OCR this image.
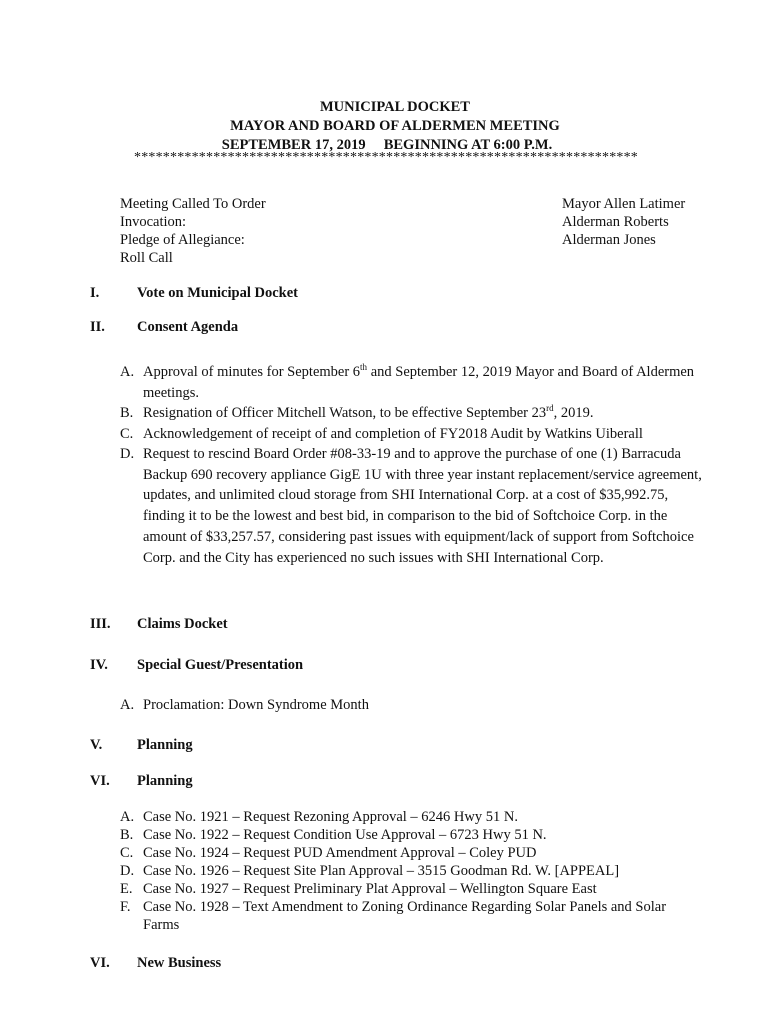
MUNICIPAL DOCKET
MAYOR AND BOARD OF ALDERMEN MEETING
SEPTEMBER 17, 2019 BEGINNING AT 6:00 P.M.
**********************************************************************
Meeting Called To Order	Mayor Allen Latimer
Invocation:	Alderman Roberts
Pledge of Allegiance:	Alderman Jones
Roll Call
I.	Vote on Municipal Docket
II. Consent Agenda
A. Approval of minutes for September 6th and September 12, 2019 Mayor and Board of Aldermen meetings.
B. Resignation of Officer Mitchell Watson, to be effective September 23rd, 2019.
C. Acknowledgement of receipt of and completion of FY2018 Audit by Watkins Uiberall
D. Request to rescind Board Order #08-33-19 and to approve the purchase of one (1) Barracuda Backup 690 recovery appliance GigE 1U with three year instant replacement/service agreement, updates, and unlimited cloud storage from SHI International Corp. at a cost of $35,992.75, finding it to be the lowest and best bid, in comparison to the bid of Softchoice Corp. in the amount of $33,257.57, considering past issues with equipment/lack of support from Softchoice Corp. and the City has experienced no such issues with SHI International Corp.
III. Claims Docket
IV. Special Guest/Presentation
A. Proclamation: Down Syndrome Month
V. Planning
VI. Planning
A. Case No. 1921 – Request Rezoning Approval – 6246 Hwy 51 N.
B. Case No. 1922 – Request Condition Use Approval – 6723 Hwy 51 N.
C. Case No. 1924 – Request PUD Amendment Approval – Coley PUD
D. Case No. 1926 – Request Site Plan Approval – 3515 Goodman Rd. W. [APPEAL]
E. Case No. 1927 – Request Preliminary Plat Approval – Wellington Square East
F. Case No. 1928 – Text Amendment to Zoning Ordinance Regarding Solar Panels and Solar Farms
VI. New Business
